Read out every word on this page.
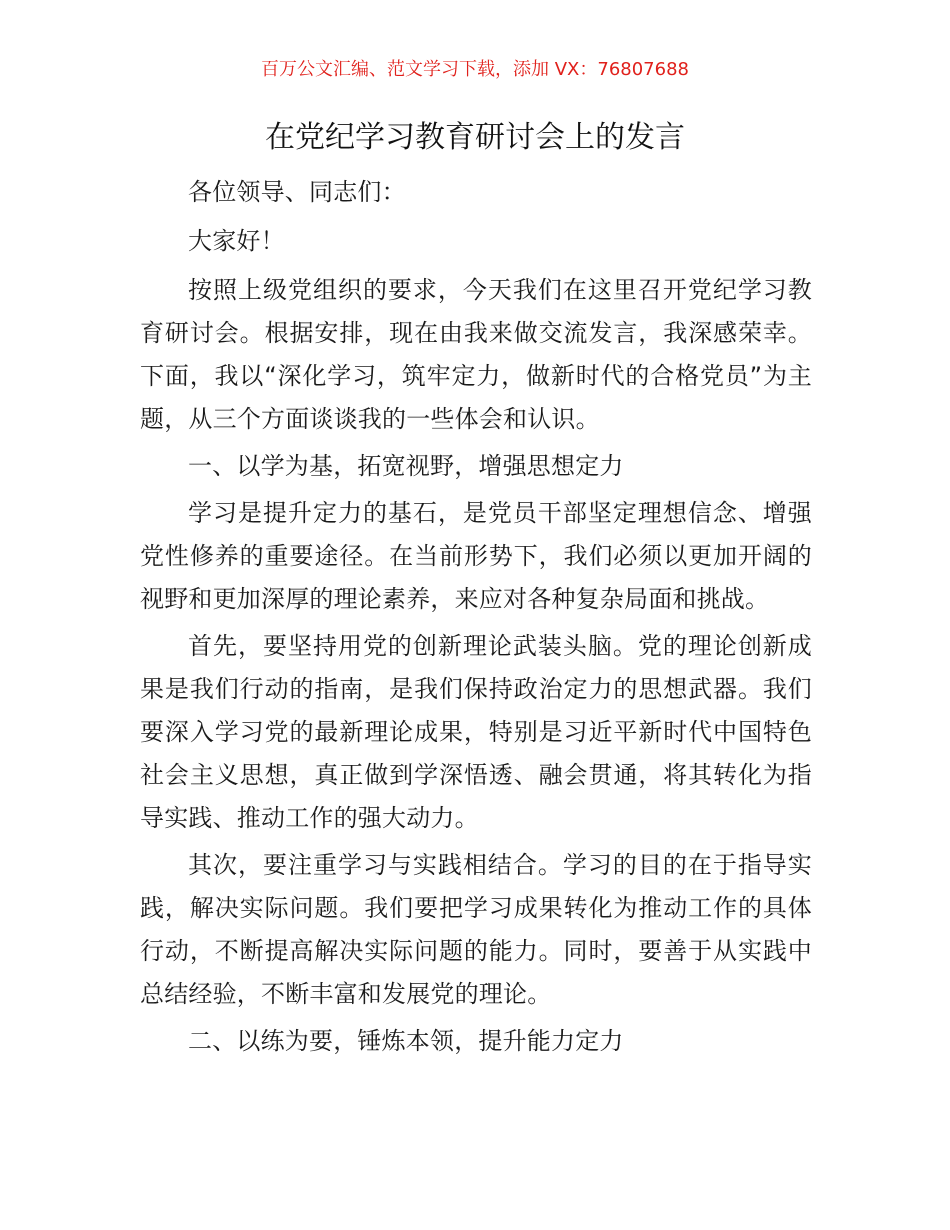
百万公文汇编、范文学习下载，添加 VX：76807688
在党纪学习教育研讨会上的发言

各位领导、同志们：

大家好！

按照上级党组织的要求，今天我们在这里召开党纪学习教育研讨会。根据安排，现在由我来做交流发言，我深感荣幸。下面，我以“深化学习，筑牢定力，做新时代的合格党员”为主题，从三个方面谈谈我的一些体会和认识。

一、以学为基，拓宽视野，增强思想定力

学习是提升定力的基石，是党员干部坚定理想信念、增强党性修养的重要途径。在当前形势下，我们必须以更加开阔的视野和更加深厚的理论素养，来应对各种复杂局面和挑战。

首先，要坚持用党的创新理论武装头脑。党的理论创新成果是我们行动的指南，是我们保持政治定力的思想武器。我们要深入学习党的最新理论成果，特别是习近平新时代中国特色社会主义思想，真正做到学深悟透、融会贯通，将其转化为指导实践、推动工作的强大动力。

其次，要注重学习与实践相结合。学习的目的在于指导实践，解决实际问题。我们要把学习成果转化为推动工作的具体行动，不断提高解决实际问题的能力。同时，要善于从实践中总结经验，不断丰富和发展党的理论。

二、以练为要，锤炼本领，提升能力定力
